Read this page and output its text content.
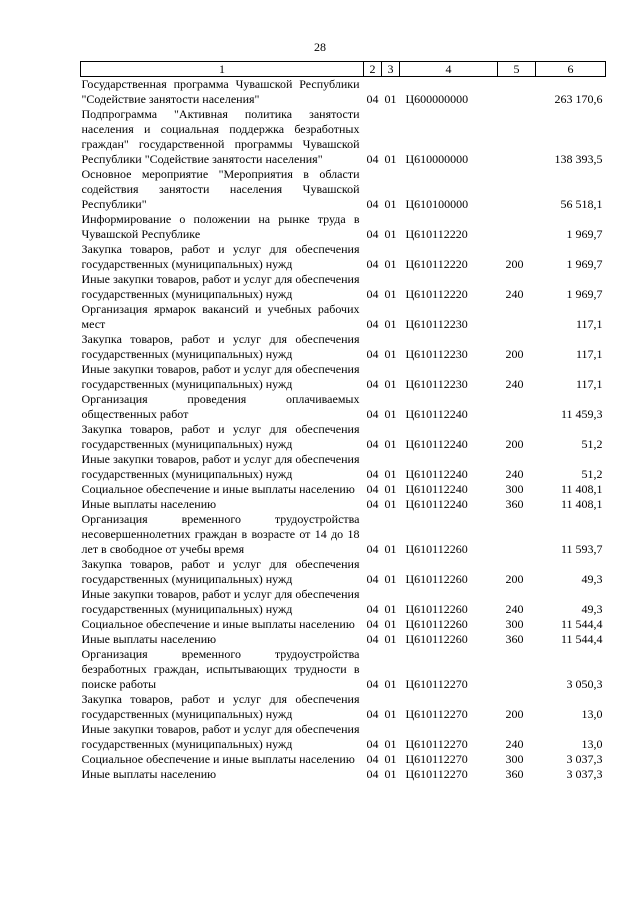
28
1	2	3	4	5	6
Государственная программа Чувашской Республики "Содействие занятости населения"	04	01	Ц600000000		263 170,6
Подпрограмма "Активная политика занятости населения и социальная поддержка безработных граждан" государственной программы Чувашской Республики "Содействие занятости населения"	04	01	Ц610000000		138 393,5
Основное мероприятие "Мероприятия в области содействия занятости населения Чувашской Республики"	04	01	Ц610100000		56 518,1
Информирование о положении на рынке труда в Чувашской Республике	04	01	Ц610112220		1 969,7
Закупка товаров, работ и услуг для обеспечения государственных (муниципальных) нужд	04	01	Ц610112220	200	1 969,7
Иные закупки товаров, работ и услуг для обеспечения государственных (муниципальных) нужд	04	01	Ц610112220	240	1 969,7
Организация ярмарок вакансий и учебных рабочих мест	04	01	Ц610112230		117,1
Закупка товаров, работ и услуг для обеспечения государственных (муниципальных) нужд	04	01	Ц610112230	200	117,1
Иные закупки товаров, работ и услуг для обеспечения государственных (муниципальных) нужд	04	01	Ц610112230	240	117,1
Организация проведения оплачиваемых общественных работ	04	01	Ц610112240		11 459,3
Закупка товаров, работ и услуг для обеспечения государственных (муниципальных) нужд	04	01	Ц610112240	200	51,2
Иные закупки товаров, работ и услуг для обеспечения государственных (муниципальных) нужд	04	01	Ц610112240	240	51,2
Социальное обеспечение и иные выплаты населению	04	01	Ц610112240	300	11 408,1
Иные выплаты населению	04	01	Ц610112240	360	11 408,1
Организация временного трудоустройства несовершеннолетних граждан в возрасте от 14 до 18 лет в свободное от учебы время	04	01	Ц610112260		11 593,7
Закупка товаров, работ и услуг для обеспечения государственных (муниципальных) нужд	04	01	Ц610112260	200	49,3
Иные закупки товаров, работ и услуг для обеспечения государственных (муниципальных) нужд	04	01	Ц610112260	240	49,3
Социальное обеспечение и иные выплаты населению	04	01	Ц610112260	300	11 544,4
Иные выплаты населению	04	01	Ц610112260	360	11 544,4
Организация временного трудоустройства безработных граждан, испытывающих трудности в поиске работы	04	01	Ц610112270		3 050,3
Закупка товаров, работ и услуг для обеспечения государственных (муниципальных) нужд	04	01	Ц610112270	200	13,0
Иные закупки товаров, работ и услуг для обеспечения государственных (муниципальных) нужд	04	01	Ц610112270	240	13,0
Социальное обеспечение и иные выплаты населению	04	01	Ц610112270	300	3 037,3
Иные выплаты населению	04	01	Ц610112270	360	3 037,3
